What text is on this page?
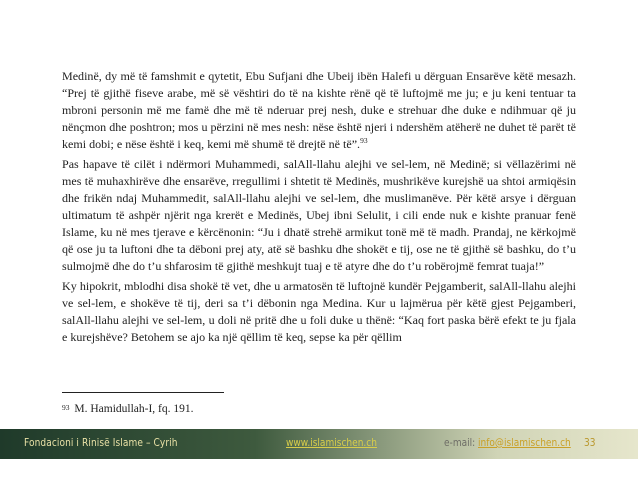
Medinë, dy më të famshmit e qytetit, Ebu Sufjani dhe Ubeij ibën Halefi u dërguan Ensarëve këtë mesazh. “Prej të gjithë fiseve arabe, më së vështiri do të na kishte rënë që të luftojmë me ju; e ju keni tentuar ta mbroni personin më me famë dhe më të nderuar prej nesh, duke e strehuar dhe duke e ndihmuar që ju nënçmon dhe poshtron; mos u përzini në mes nesh: nëse është njeri i ndershëm atëherë ne duhet të parët të kemi dobi; e nëse është i keq, kemi më shumë të drejtë në të”.$^{93}$

Pas hapave të cilët i ndërmori Muhammedi, salAll-llahu alejhi ve sel-lem, në Medinë; si vëllazërimi në mes të muhaxhirëve dhe ensarëve, rregullimi i shtetit të Medinës, mushrikëve kurejshë ua shtoi armiqësin dhe frikën ndaj Muhammedit, salAll-llahu alejhi ve sel-lem, dhe muslimanëve. Për këtë arsye i dërguan ultimatum të ashpër njërit nga krerët e Medinës, Ubej ibni Selulit, i cili ende nuk e kishte pranuar fenë Islame, ku në mes tjerave e kërcënonin: “Ju i dhatë strehë armikut tonë më të madh. Prandaj, ne kërkojmë që ose ju ta luftoni dhe ta dëboni prej aty, atë së bashku dhe shokët e tij, ose ne të gjithë së bashku, do t’u sulmojmë dhe do t’u shfarosim të gjithë meshkujt tuaj e të atyre dhe do t’u robërojmë femrat tuaja!”

Ky hipokrit, mblodhi disa shokë të vet, dhe u armatosën të luftojnë kundër Pejgamberit, salAll-llahu alejhi ve sel-lem, e shokëve të tij, deri sa t’i dëbonin nga Medina. Kur u lajmërua për këtë gjest Pejgamberi, salAll-llahu alejhi ve sel-lem, u doli në pritë dhe u foli duke u thënë: “Kaq fort paska bërë efekt te ju fjala e kurejshëve? Betohem se ajo ka një qëllim të keq, sepse ka për qëllim

$^{93}$ M. Hamidullah-I, fq. 191.
Fondacioni i Rinisë Islame – Cyrih	www.islamischen.ch	e-mail: info@islamischen.ch 33
